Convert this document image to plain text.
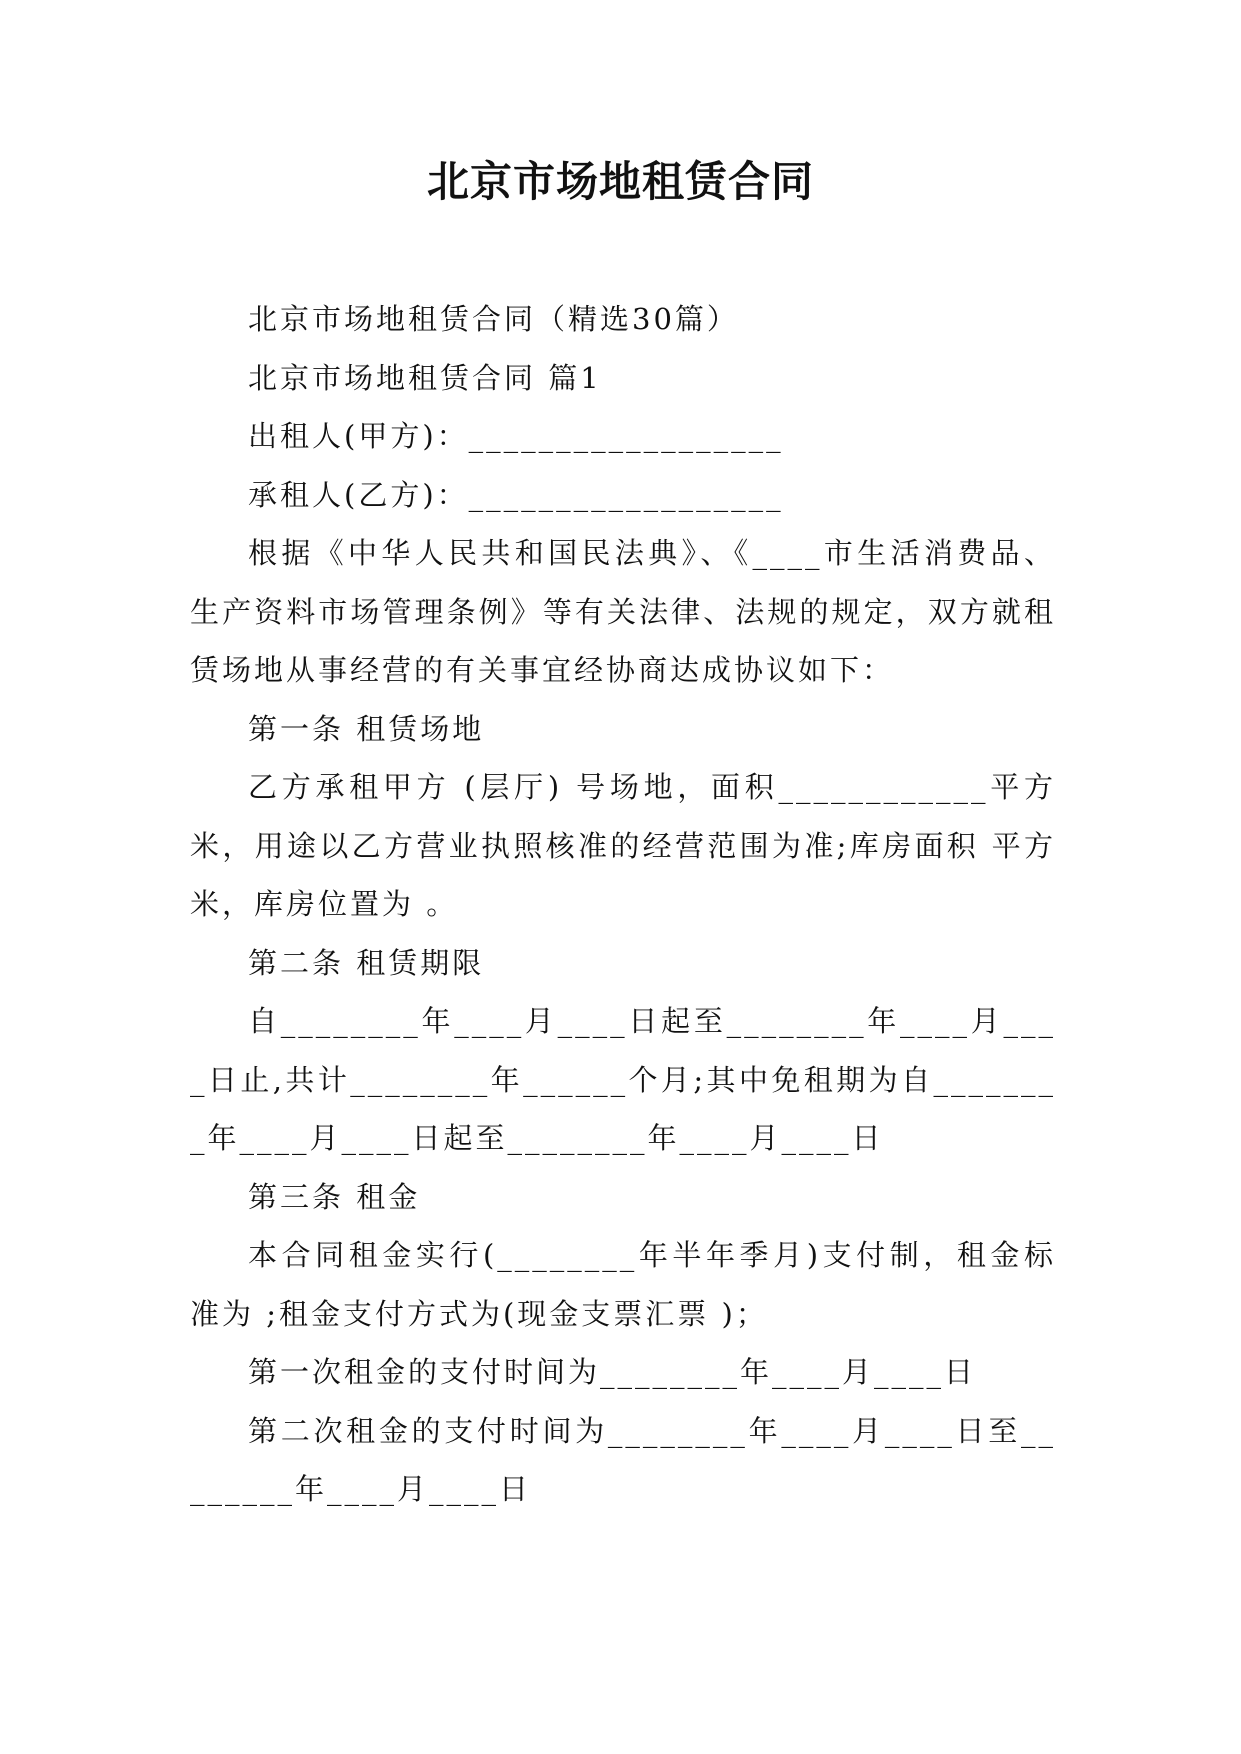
北京市场地租赁合同

北京市场地租赁合同（精选30篇）

北京市场地租赁合同 篇1

出租人(甲方)：__________________

承租人(乙方)：__________________

根据《中华人民共和国民法典》、《____市生活消费品、生产资料市场管理条例》等有关法律、法规的规定，双方就租赁场地从事经营的有关事宜经协商达成协议如下：

第一条 租赁场地

乙方承租甲方 (层厅) 号场地，面积____________平方米，用途以乙方营业执照核准的经营范围为准;库房面积 平方米，库房位置为 。

第二条 租赁期限

自________年____月____日起至________年____月____日止,共计________年______个月;其中免租期为自________年____月____日起至________年____月____日

第三条 租金

本合同租金实行(________年半年季月)支付制，租金标准为 ;租金支付方式为(现金支票汇票 )；

第一次租金的支付时间为________年____月____日

第二次租金的支付时间为________年____月____日至________年____月____日
